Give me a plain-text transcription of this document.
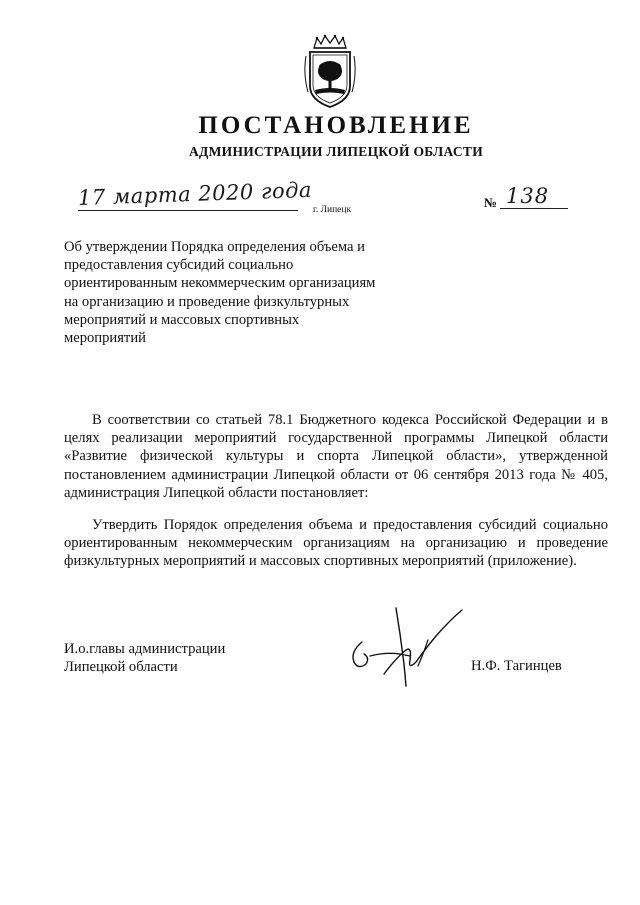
ПОСТАНОВЛЕНИЕ
АДМИНИСТРАЦИИ ЛИПЕЦКОЙ ОБЛАСТИ
17 марта 2020 года
г. Липецк	№ 138
Об утверждении Порядка определения объема и
предоставления субсидий социально
ориентированным некоммерческим организациям
на организацию и проведение физкультурных
мероприятий и массовых спортивных
мероприятий
В соответствии со статьей 78.1 Бюджетного кодекса Российской Федерации и в
целях реализации мероприятий государственной программы Липецкой области
«Развитие физической культуры и спорта Липецкой области», утвержденной
постановлением администрации Липецкой области от 06 сентября 2013 года № 405,
администрация Липецкой области постановляет:
Утвердить Порядок определения объема и предоставления субсидий социально
ориентированным некоммерческим организациям на организацию и проведение
физкультурных мероприятий и массовых спортивных мероприятий (приложение).
И.о.главы администрации
Липецкой области	Н.Ф. Тагинцев
